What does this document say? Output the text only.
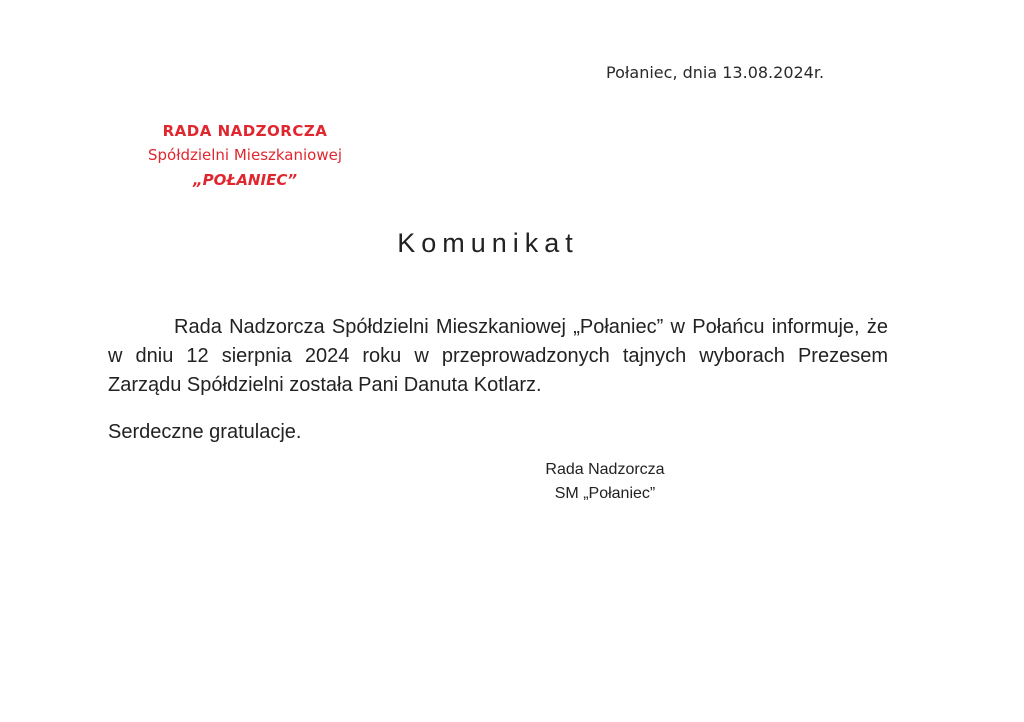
Połaniec, dnia 13.08.2024r.
RADA NADZORCZA
Spółdzielni Mieszkaniowej
„POŁANIEC”
Komunikat

Rada Nadzorcza Spółdzielni Mieszkaniowej „Połaniec” w Połańcu informuje, że w dniu 12 sierpnia 2024 roku w przeprowadzonych tajnych wyborach Prezesem Zarządu Spółdzielni została Pani Danuta Kotlarz.

Serdeczne gratulacje.

Rada Nadzorcza
SM „Połaniec”
